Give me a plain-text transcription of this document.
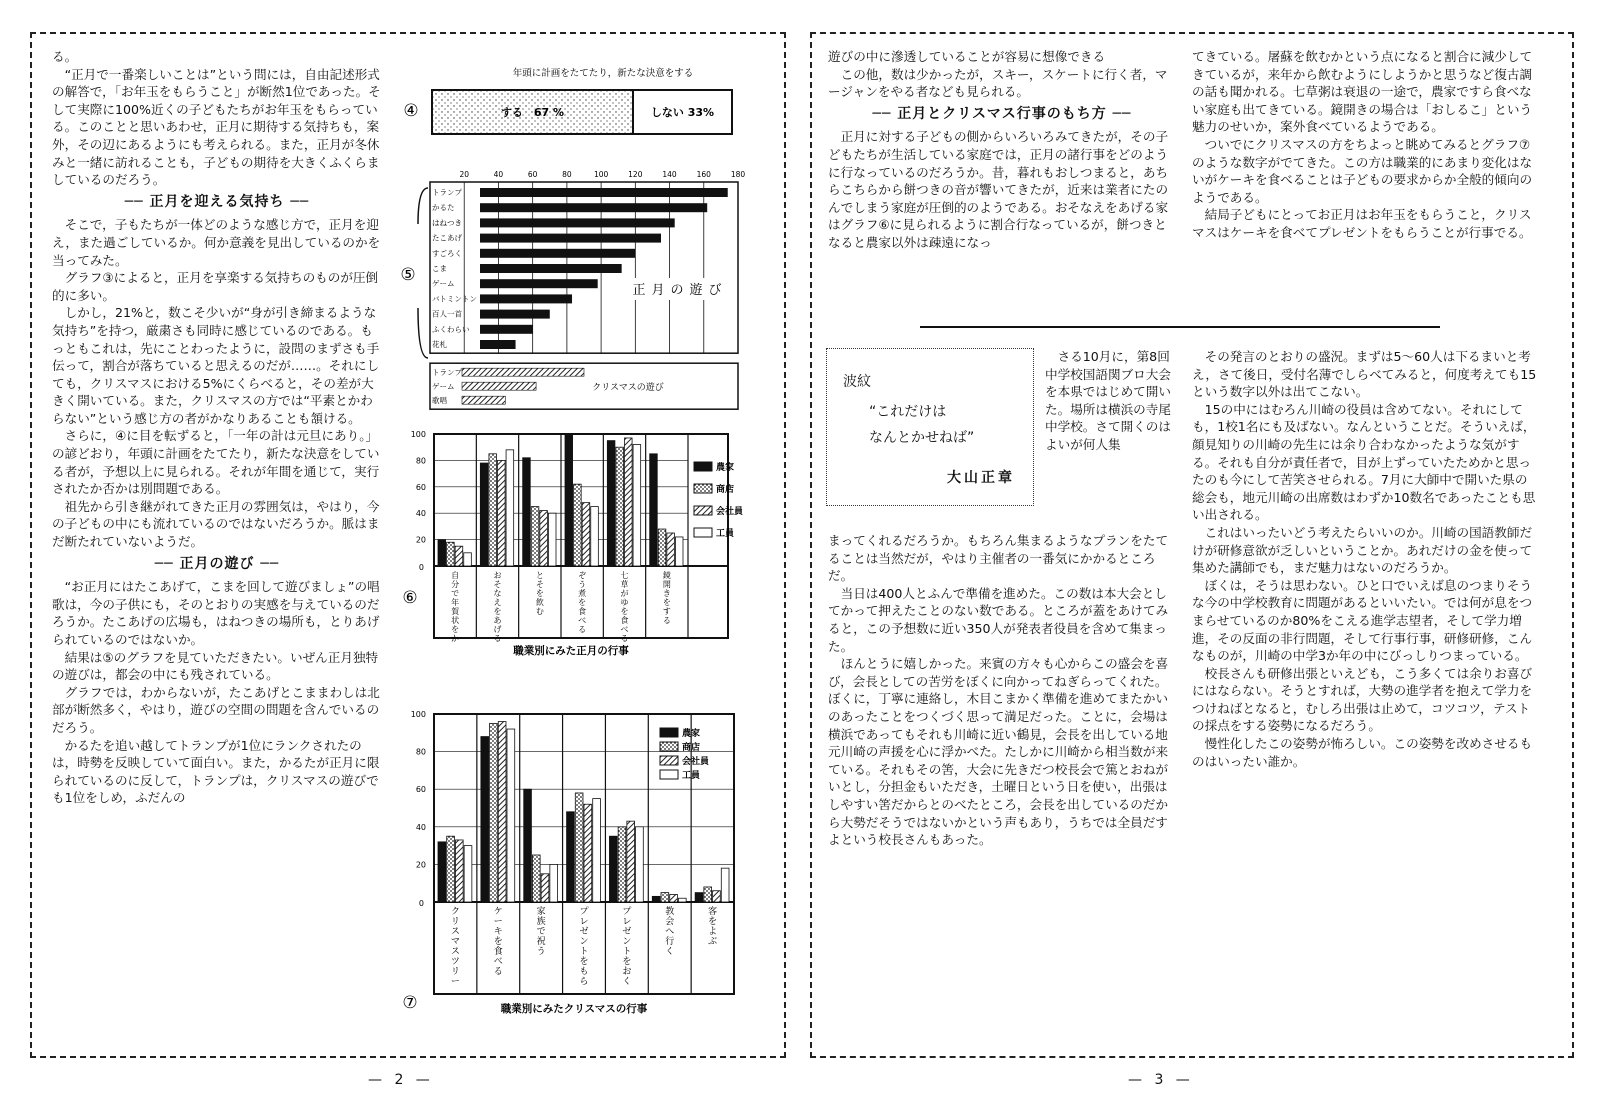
— 2 —

る。

“正月で一番楽しいことは”という問には，自由記述形式の解答で，「お年玉をもらうこと」が断然1位であった。そして実際に100%近くの子どもたちがお年玉をもらっている。このことと思いあわせ，正月に期待する気持ちも，案外，その辺にあるようにも考えられる。また，正月が冬休みと一緒に訪れることも，子どもの期待を大きくふくらましているのだろう。

── 正月を迎える気持ち ──

そこで，子もたちが一体どのような感じ方で，正月を迎え，また過ごしているか。何か意義を見出しているのかを当ってみた。

グラフ③によると，正月を享楽する気持ちのものが圧倒的に多い。

しかし，21%と，数こそ少いが“身が引き締まるような気持ち”を持つ，厳粛さも同時に感じているのである。もっともこれは，先にことわったように，設問のまずさも手伝って，割合が落ちていると思えるのだが……。それにしても，クリスマスにおける5%にくらべると，その差が大きく開いている。また，クリスマスの方では“平素とかわらない”という感じ方の者がかなりあることも頷ける。

さらに，④に目を転ずると，「一年の計は元旦にあり。」の諺どおり，年頭に計画をたてたり，新たな決意をしている者が，予想以上に見られる。それが年間を通じて，実行されたか否かは別問題である。

祖先から引き継がれてきた正月の雰囲気は，やはり，今の子どもの中にも流れているのではないだろうか。脈はまだ断たれていないようだ。

── 正月の遊び ──

“お正月にはたこあげて，こまを回して遊びましょ”の唱歌は，今の子供にも，そのとおりの実感を与えているのだろうか。たこあげの広場も，はねつきの場所も，とりあげられているのではないか。

結果は⑤のグラフを見ていただきたい。いぜん正月独特の遊びは，都会の中にも残されている。

グラフでは，わからないが，たこあげとこままわしは北部が断然多く，やはり，遊びの空間の問題を含んでいるのだろう。

かるたを追い越してトランプが1位にランクされたのは，時勢を反映していて面白い。また，かるたが正月に限られているのに反して，トランプは，クリスマスの遊びでも1位をしめ，ふだんの

年頭に計画をたてたり，新たな決意をする
④	する　67 %	しない 33%
⑤
20	40	60	80	100	120	140	160	180
トランプ
かるた
はねつき
たこあげ
すごろく
こま
ゲーム
バトミントン
百人一首
ふくわらい
花札
正月の遊び
トランプ
ゲーム
歌唱
クリスマスの遊び
0
20
40
60
80
100
自分で年賀状をか
おそなえをあげる
とそを飲む
ぞう煮を食べる
七草がゆを食べる
鏡開きをする
農家
商店
会社員
工員
⑥
職業別にみた正月の行事
0
20
40
60
80
100
クリスマスツリー
ケーキを食べる
家族で祝う
プレゼントをもら
プレゼントをおく
教会へ行く
客をよぶ
農家
商店
会社員
工員
⑦	職業別にみたクリスマスの行事
— 3 —

遊びの中に滲透していることが容易に想像できる

この他，数は少かったが，スキー，スケートに行く者，マージャンをやる者なども見られる。

── 正月とクリスマス行事のもち方 ──

正月に対する子どもの側からいろいろみてきたが，その子どもたちが生活している家庭では，正月の諸行事をどのように行なっているのだろうか。昔，暮れもおしつまると，あちらこちらから餅つきの音が響いてきたが，近来は業者にたのんでしまう家庭が圧倒的のようである。おそなえをあげる家はグラフ⑥に見られるように割合行なっているが，餅つきとなると農家以外は疎遠になっ

てきている。屠蘇を飲むかという点になると割合に減少してきているが，来年から飲むようにしようかと思うなど復古調の話も聞かれる。七草粥は衰退の一途で，農家ですら食べない家庭も出てきている。鏡開きの場合は「おしるこ」という魅力のせいか，案外食べているようである。

ついでにクリスマスの方をちよっと眺めてみるとグラフ⑦のような数字がでてきた。この方は職業的にあまり変化はないがケーキを食べることは子どもの要求からか全般的傾向のようである。

結局子どもにとってお正月はお年玉をもらうこと，クリスマスはケーキを食べてプレゼントをもらうことが行事でる。

波紋
“これだけは
なんとかせねば”
大山正章

さる10月に，第8回中学校国語関ブロ大会を本県ではじめて開いた。場所は横浜の寺尾中学校。さて開くのはよいが何人集

まってくれるだろうか。もちろん集まるようなプランをたてることは当然だが，やはり主催者の一番気にかかるところだ。

当日は400人とふんで準備を進めた。この数は本大会としてかって押えたことのない数である。ところが蓋をあけてみると，この予想数に近い350人が発表者役員を含めて集まった。

ほんとうに嬉しかった。来賓の方々も心からこの盛会を喜び，会長としての苦労をぼくに向かってねぎらってくれた。ぼくに，丁寧に連絡し，木目こまかく準備を進めてまたかいのあったことをつくづく思って満足だった。ことに，会場は横浜であってもそれも川崎に近い鶴見，会長を出している地元川崎の声援を心に浮かべた。たしかに川崎から相当数が来ている。それもその筈，大会に先きだつ校長会で篤とおねがいとし，分担金もいただき，土曜日という日を使い，出張はしやすい筈だからとのべたところ，会長を出しているのだから大勢だそうではないかという声もあり，うちでは全員だすよという校長さんもあった。

その発言のとおりの盛況。まずは5～60人は下るまいと考え，さて後日，受付名薄でしらべてみると，何度考えても15という数字以外は出てこない。

15の中にはむろん川崎の役員は含めてない。それにしても，1校1名にも及ばない。なんということだ。そういえば，顔見知りの川崎の先生には余り合わなかったような気がする。それも自分が責任者で，目が上ずっていたためかと思ったのも今にして苦笑させられる。7月に大師中で開いた県の総会も，地元川崎の出席数はわずか10数名であったことも思い出される。

これはいったいどう考えたらいいのか。川崎の国語教師だけが研修意欲が乏しいということか。あれだけの金を使って集めた講師でも，まだ魅力はないのだろうか。

ぼくは，そうは思わない。ひと口でいえば息のつまりそうな今の中学校教育に問題があるといいたい。では何が息をつまらせているのか80%をこえる進学志望者，そして学力増進，その反面の非行問題，そして行事行事，研修研修，こんなものが，川崎の中学3か年の中にびっしりつまっている。

校長さんも研修出張といえども，こう多くては余りお喜びにはならない。そうとすれば，大勢の進学者を抱えて学力をつけねばとなると，むしろ出張は止めて，コツコツ，テストの採点をする姿勢になるだろう。

慢性化したこの姿勢が怖ろしい。この姿勢を改めさせるものはいったい誰か。
